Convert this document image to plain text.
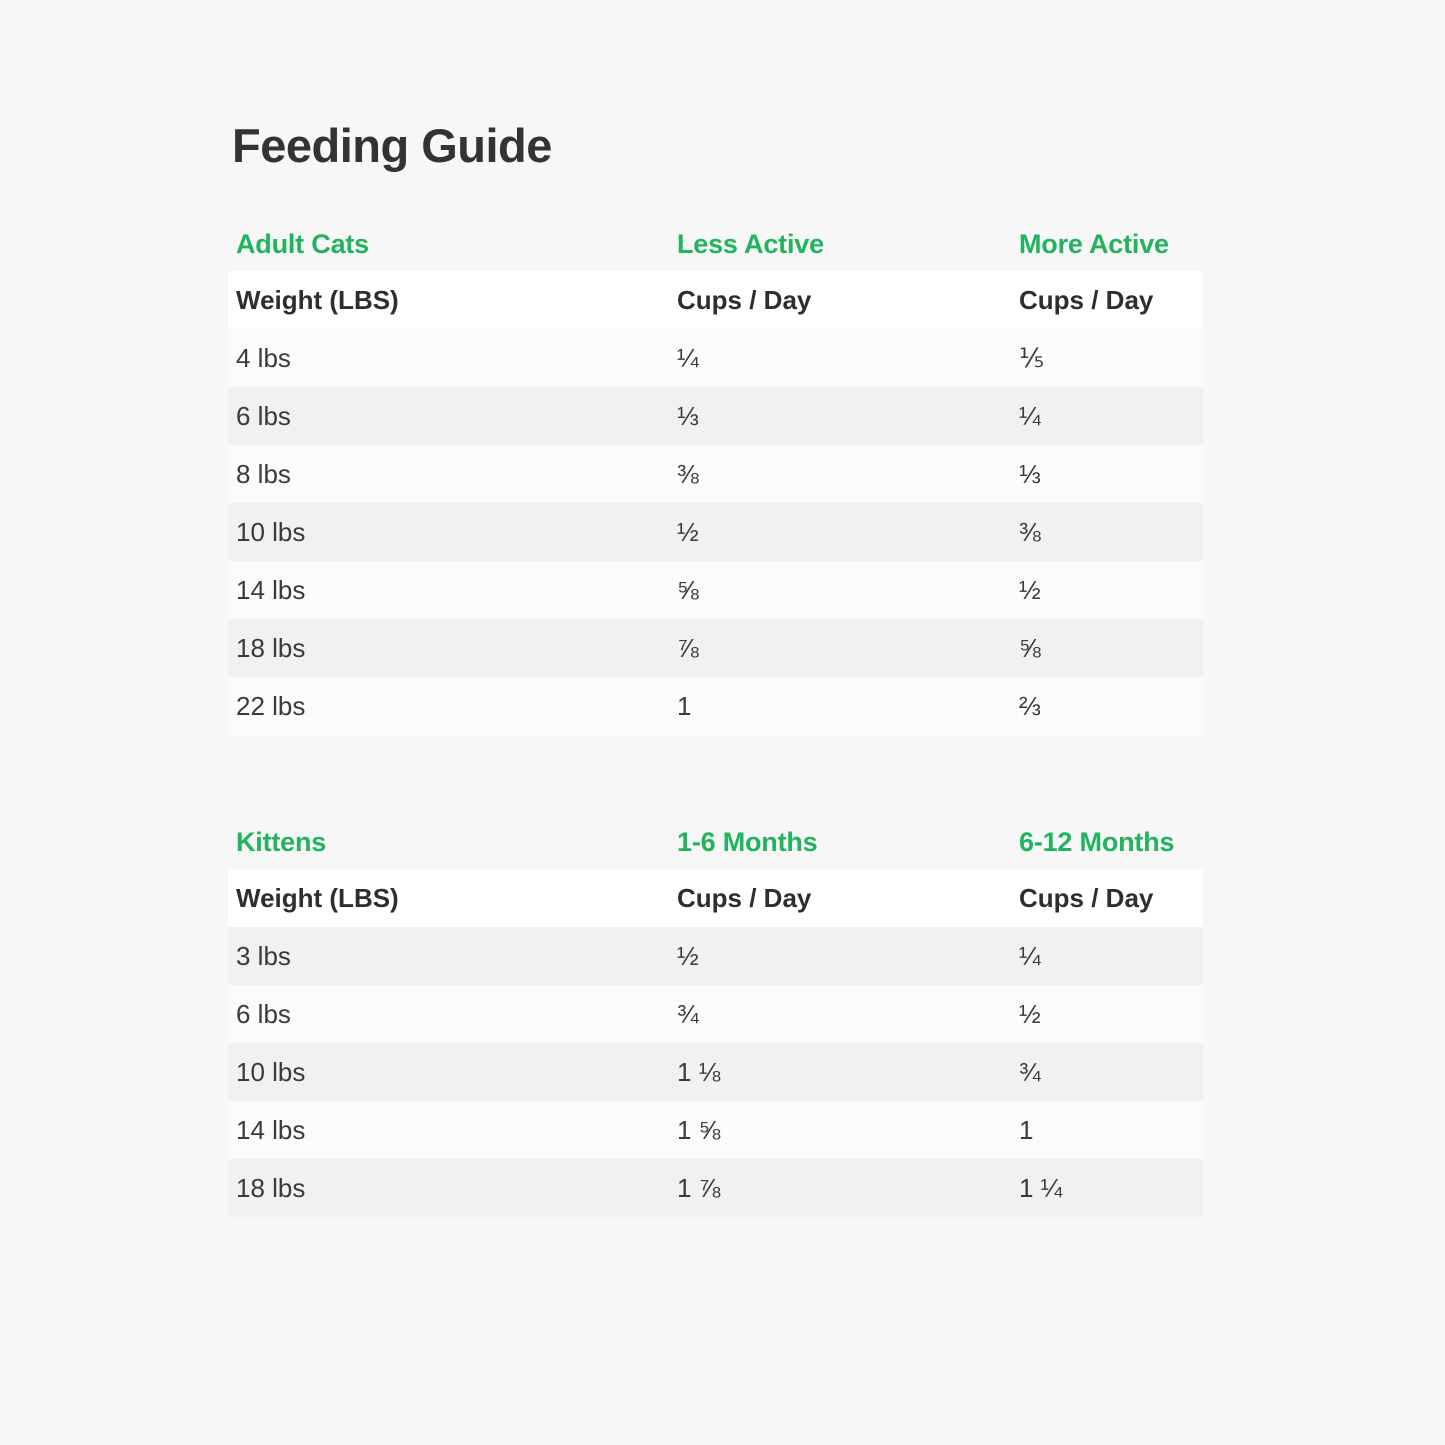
Feeding Guide
Adult Cats	Less Active	More Active
Weight (LBS)	Cups / Day	Cups / Day
4 lbs	¼	⅕
6 lbs	⅓	¼
8 lbs	⅜	⅓
10 lbs	½	⅜
14 lbs	⅝	½
18 lbs	⅞	⅝
22 lbs	1	⅔
Kittens	1-6 Months	6-12 Months
Weight (LBS)	Cups / Day	Cups / Day
3 lbs	½	¼
6 lbs	¾	½
10 lbs	1 ⅛	¾
14 lbs	1 ⅝	1
18 lbs	1 ⅞	1 ¼
